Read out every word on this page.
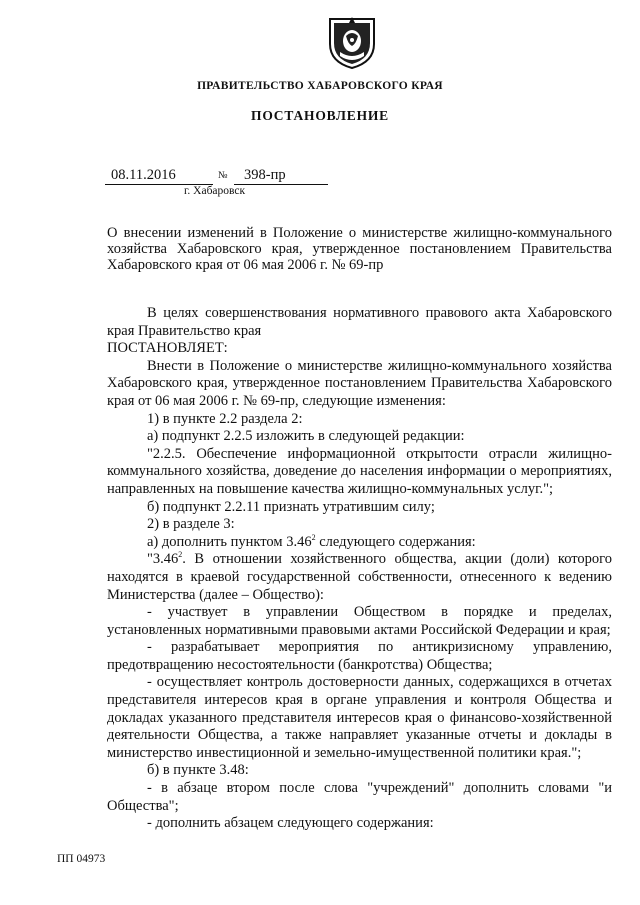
ПРАВИТЕЛЬСТВО ХАБАРОВСКОГО КРАЯ
ПОСТАНОВЛЕНИЕ
08.11.2016	№	398-пр
г. Хабаровск
О внесении изменений в Положение о министерстве жилищно-коммунального хозяйства Хабаровского края, утвержденное постановлением Правительства Хабаровского края от 06 мая 2006 г. № 69-пр

В целях совершенствования нормативного правового акта Хабаровского края Правительство края

ПОСТАНОВЛЯЕТ:

Внести в Положение о министерстве жилищно-коммунального хозяйства Хабаровского края, утвержденное постановлением Правительства Хабаровского края от 06 мая 2006 г. № 69-пр, следующие изменения:

1) в пункте 2.2 раздела 2:

а) подпункт 2.2.5 изложить в следующей редакции:

"2.2.5. Обеспечение информационной открытости отрасли жилищно-коммунального хозяйства, доведение до населения информации о мероприятиях, направленных на повышение качества жилищно-коммунальных услуг.";

б) подпункт 2.2.11 признать утратившим силу;

2) в разделе 3:

а) дополнить пунктом 3.46$^2$ следующего содержания:

"3.46$^2$. В отношении хозяйственного общества, акции (доли) которого находятся в краевой государственной собственности, отнесенного к ведению Министерства (далее – Общество):

- участвует в управлении Обществом в порядке и пределах, установленных нормативными правовыми актами Российской Федерации и края;

- разрабатывает мероприятия по антикризисному управлению, предотвращению несостоятельности (банкротства) Общества;

- осуществляет контроль достоверности данных, содержащихся в отчетах представителя интересов края в органе управления и контроля Общества и докладах указанного представителя интересов края о финансово-хозяйственной деятельности Общества, а также направляет указанные отчеты и доклады в министерство инвестиционной и земельно-имущественной политики края.";

б) в пункте 3.48:

- в абзаце втором после слова "учреждений" дополнить словами "и Общества";

- дополнить абзацем следующего содержания:

ПП 04973
